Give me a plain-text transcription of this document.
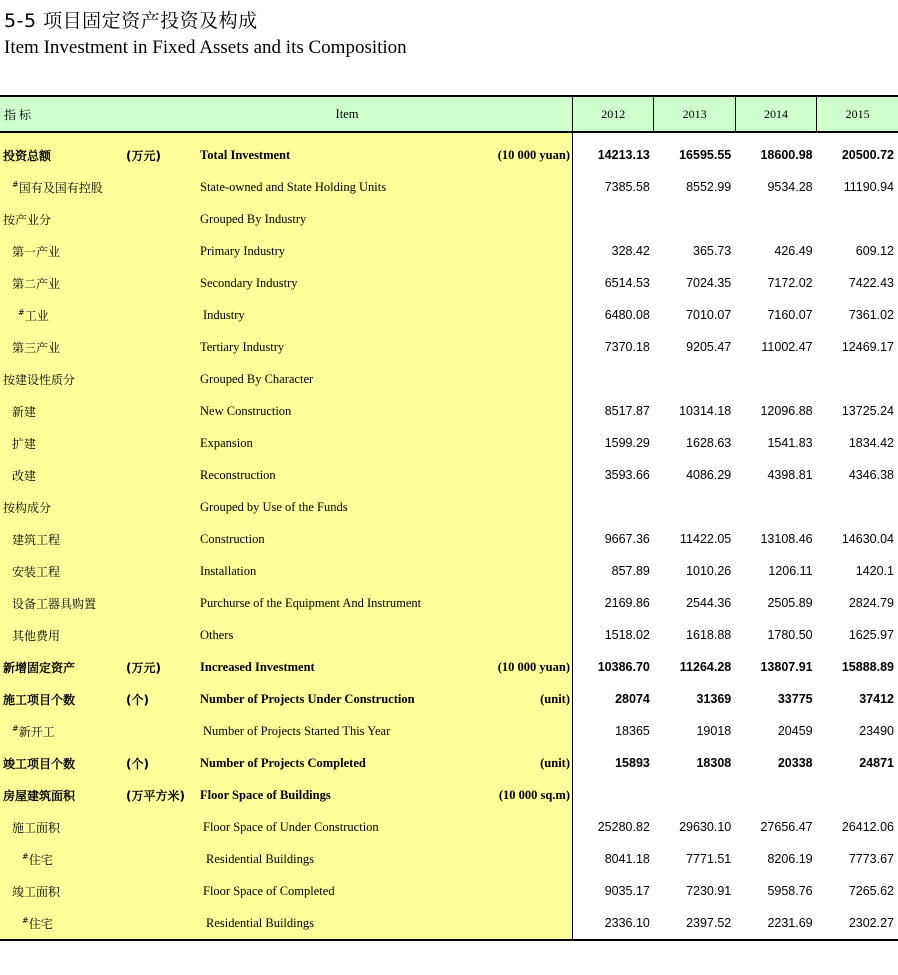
5-5 项目固定资产投资及构成
Item Investment in Fixed Assets and its Composition
指 标		Item		2012	2013	2014	2015
投资总额	(万元)	Total Investment	(10 000 yuan)	14213.13	16595.55	18600.98	20500.72
#国有及国有控股		State-owned and State Holding Units		7385.58	8552.99	9534.28	11190.94
按产业分		Grouped By Industry					
第一产业		Primary Industry		328.42	365.73	426.49	609.12
第二产业		Secondary Industry		6514.53	7024.35	7172.02	7422.43
#工业		Industry		6480.08	7010.07	7160.07	7361.02
第三产业		Tertiary Industry		7370.18	9205.47	11002.47	12469.17
按建设性质分		Grouped By Character					
新建		New Construction		8517.87	10314.18	12096.88	13725.24
扩建		Expansion		1599.29	1628.63	1541.83	1834.42
改建		Reconstruction		3593.66	4086.29	4398.81	4346.38
按构成分		Grouped by Use of the Funds					
建筑工程		Construction		9667.36	11422.05	13108.46	14630.04
安装工程		Installation		857.89	1010.26	1206.11	1420.1
设备工器具购置		Purchurse of the Equipment And Instrument		2169.86	2544.36	2505.89	2824.79
其他费用		Others		1518.02	1618.88	1780.50	1625.97
新增固定资产	(万元)	Increased Investment	(10 000 yuan)	10386.70	11264.28	13807.91	15888.89
施工项目个数	(个)	Number of Projects Under Construction	(unit)	28074	31369	33775	37412
#新开工		Number of Projects Started This Year		18365	19018	20459	23490
竣工项目个数	(个)	Number of Projects Completed	(unit)	15893	18308	20338	24871
房屋建筑面积	(万平方米)	Floor Space of Buildings	(10 000 sq.m)				
施工面积		Floor Space of Under Construction		25280.82	29630.10	27656.47	26412.06
#住宅		Residential Buildings		8041.18	7771.51	8206.19	7773.67
竣工面积		Floor Space of Completed		9035.17	7230.91	5958.76	7265.62
#住宅		Residential Buildings		2336.10	2397.52	2231.69	2302.27
